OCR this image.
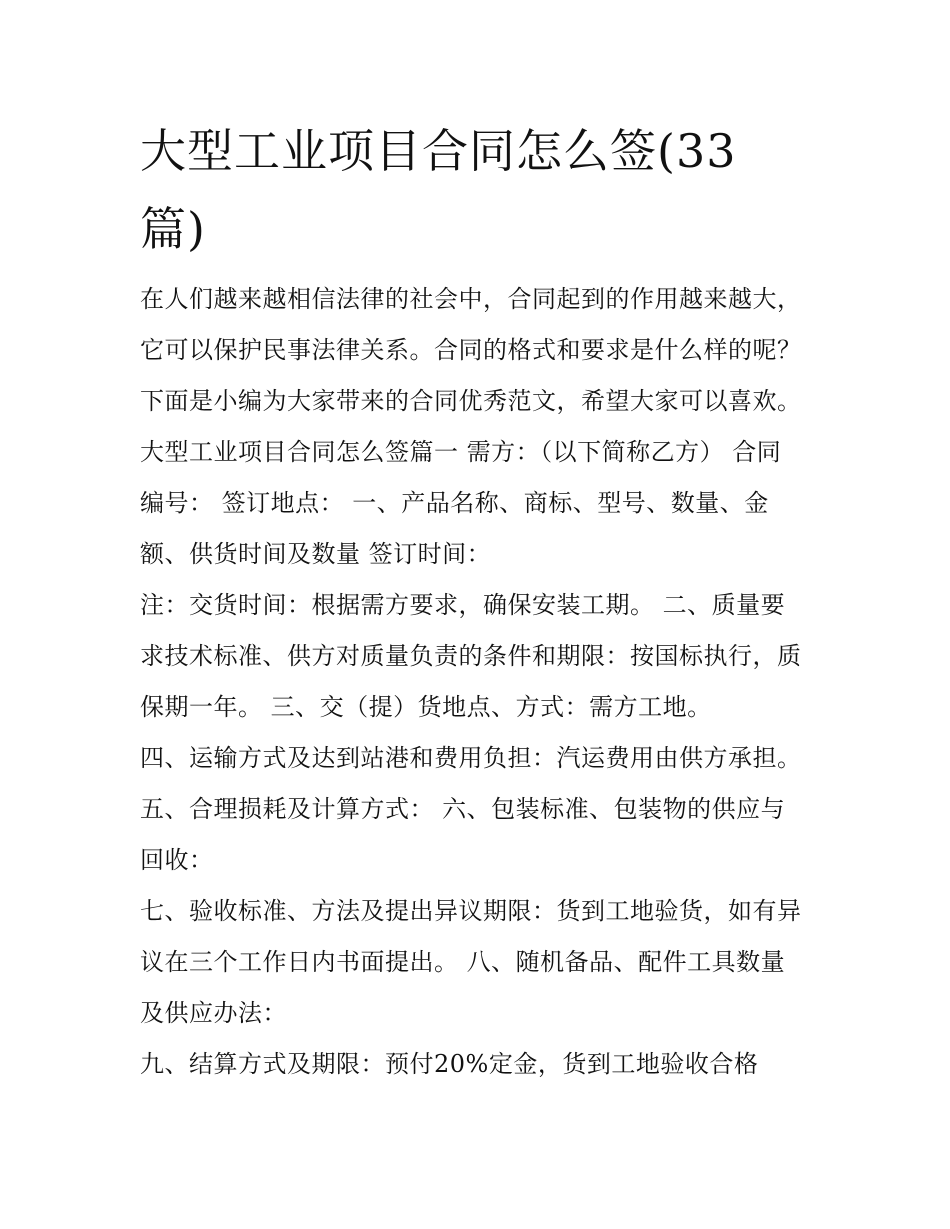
大型工业项目合同怎么签(33
篇)
在人们越来越相信法律的社会中，合同起到的作用越来越大，
它可以保护民事法律关系。合同的格式和要求是什么样的呢？
下面是小编为大家带来的合同优秀范文，希望大家可以喜欢。
大型工业项目合同怎么签篇一 需方：（以下简称乙方） 合同
编号： 签订地点： 一、产品名称、商标、型号、数量、金
额、供货时间及数量 签订时间：
注：交货时间：根据需方要求，确保安装工期。 二、质量要
求技术标准、供方对质量负责的条件和期限：按国标执行，质
保期一年。 三、交（提）货地点、方式：需方工地。
四、运输方式及达到站港和费用负担：汽运费用由供方承担。
五、合理损耗及计算方式： 六、包装标准、包装物的供应与
回收：
七、验收标准、方法及提出异议期限：货到工地验货，如有异
议在三个工作日内书面提出。 八、随机备品、配件工具数量
及供应办法：
九、结算方式及期限：预付20%定金，货到工地验收合格
